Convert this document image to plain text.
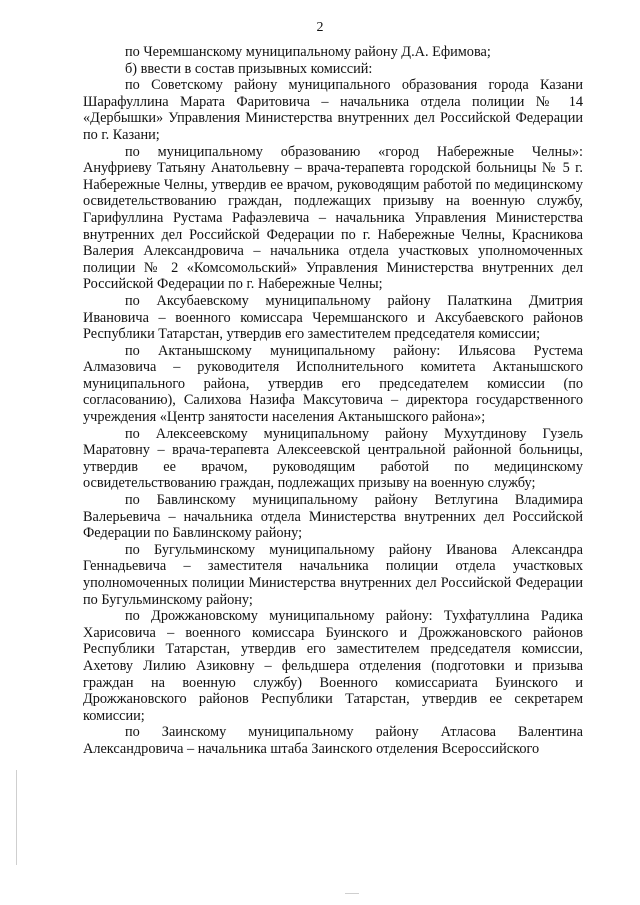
2

по Черемшанскому муниципальному району Д.А. Ефимова;

б) ввести в состав призывных комиссий:

по Советскому району муниципального образования города Казани Шарафуллина Марата Фаритовича – начальника отдела полиции № 14 «Дербышки» Управления Министерства внутренних дел Российской Федерации по г. Казани;

по муниципальному образованию «город Набережные Челны»: Ануфриеву Татьяну Анатольевну – врача-терапевта городской больницы № 5 г. Набережные Челны, утвердив ее врачом, руководящим работой по медицинскому освидетельствованию граждан, подлежащих призыву на военную службу, Гарифуллина Рустама Рафаэлевича – начальника Управления Министерства внутренних дел Российской Федерации по г. Набережные Челны, Красникова Валерия Александровича – начальника отдела участковых уполномоченных полиции № 2 «Комсомольский» Управления Министерства внутренних дел Российской Федерации по г. Набережные Челны;

по Аксубаевскому муниципальному району Палаткина Дмитрия Ивановича – военного комиссара Черемшанского и Аксубаевского районов Республики Татарстан, утвердив его заместителем председателя комиссии;

по Актанышскому муниципальному району: Ильясова Рустема Алмазовича – руководителя Исполнительного комитета Актанышского муниципального района, утвердив его председателем комиссии (по согласованию), Салихова Назифа Максутовича – директора государственного учреждения «Центр занятости населения Актанышского района»;

по Алексеевскому муниципальному району Мухутдинову Гузель Маратовну – врача-терапевта Алексеевской центральной районной больницы, утвердив ее врачом, руководящим работой по медицинскому освидетельствованию граждан, подлежащих призыву на военную службу;

по Бавлинскому муниципальному району Ветлугина Владимира Валерьевича – начальника отдела Министерства внутренних дел Российской Федерации по Бавлинскому району;

по Бугульминскому муниципальному району Иванова Александра Геннадьевича – заместителя начальника полиции отдела участковых уполномоченных полиции Министерства внутренних дел Российской Федерации по Бугульминскому району;

по Дрожжановскому муниципальному району: Тухфатуллина Радика Харисовича – военного комиссара Буинского и Дрожжановского районов Республики Татарстан, утвердив его заместителем председателя комиссии, Ахетову Лилию Азиковну – фельдшера отделения (подготовки и призыва граждан на военную службу) Военного комиссариата Буинского и Дрожжановского районов Республики Татарстан, утвердив ее секретарем комиссии;

по Заинскому муниципальному району Атласова Валентина Александровича – начальника штаба Заинского отделения Всероссийского
